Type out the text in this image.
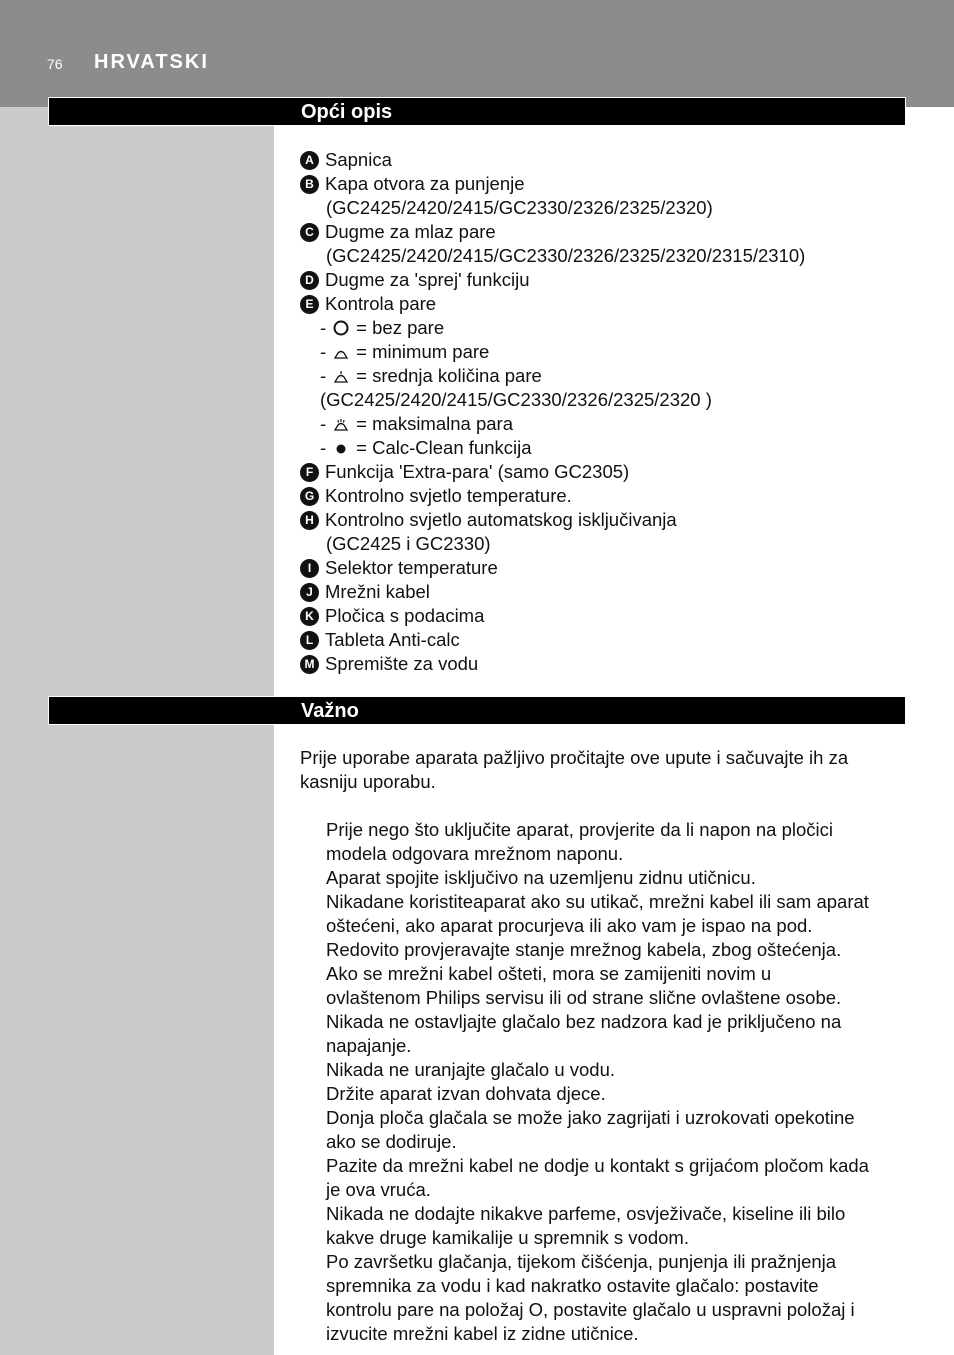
76 HRVATSKI
Opći opis
A Sapnica
B Kapa otvora za punjenje
(GC2425/2420/2415/GC2330/2326/2325/2320)
C Dugme za mlaz pare
(GC2425/2420/2415/GC2330/2326/2325/2320/2315/2310)
D Dugme za 'sprej' funkciju
E Kontrola pare
- = bez pare
- = minimum pare
- = srednja količina pare
(GC2425/2420/2415/GC2330/2326/2325/2320 )
- = maksimalna para
- = Calc-Clean funkcija
F Funkcija 'Extra-para' (samo GC2305)
G Kontrolno svjetlo temperature.
H Kontrolno svjetlo automatskog isključivanja
(GC2425 i GC2330)
I Selektor temperature
J Mrežni kabel
K Pločica s podacima
L Tableta Anti-calc
M Spremište za vodu
Važno
Prije uporabe aparata pažljivo pročitajte ove upute i sačuvajte ih za
kasniju uporabu.
Prije nego što uključite aparat, provjerite da li napon na pločici
modela odgovara mrežnom naponu.
Aparat spojite isključivo na uzemljenu zidnu utičnicu.
Nikadane koristiteaparat ako su utikač, mrežni kabel ili sam aparat
oštećeni, ako aparat procurjeva ili ako vam je ispao na pod.
Redovito provjeravajte stanje mrežnog kabela, zbog oštećenja.
Ako se mrežni kabel ošteti, mora se zamijeniti novim u
ovlaštenom Philips servisu ili od strane slične ovlaštene osobe.
Nikada ne ostavljajte glačalo bez nadzora kad je priključeno na
napajanje.
Nikada ne uranjajte glačalo u vodu.
Držite aparat izvan dohvata djece.
Donja ploča glačala se može jako zagrijati i uzrokovati opekotine
ako se dodiruje.
Pazite da mrežni kabel ne dodje u kontakt s grijaćom pločom kada
je ova vruća.
Nikada ne dodajte nikakve parfeme, osvježivače, kiseline ili bilo
kakve druge kamikalije u spremnik s vodom.
Po završetku glačanja, tijekom čišćenja, punjenja ili pražnjenja
spremnika za vodu i kad nakratko ostavite glačalo: postavite
kontrolu pare na položaj O, postavite glačalo u uspravni položaj i
izvucite mrežni kabel iz zidne utičnice.
